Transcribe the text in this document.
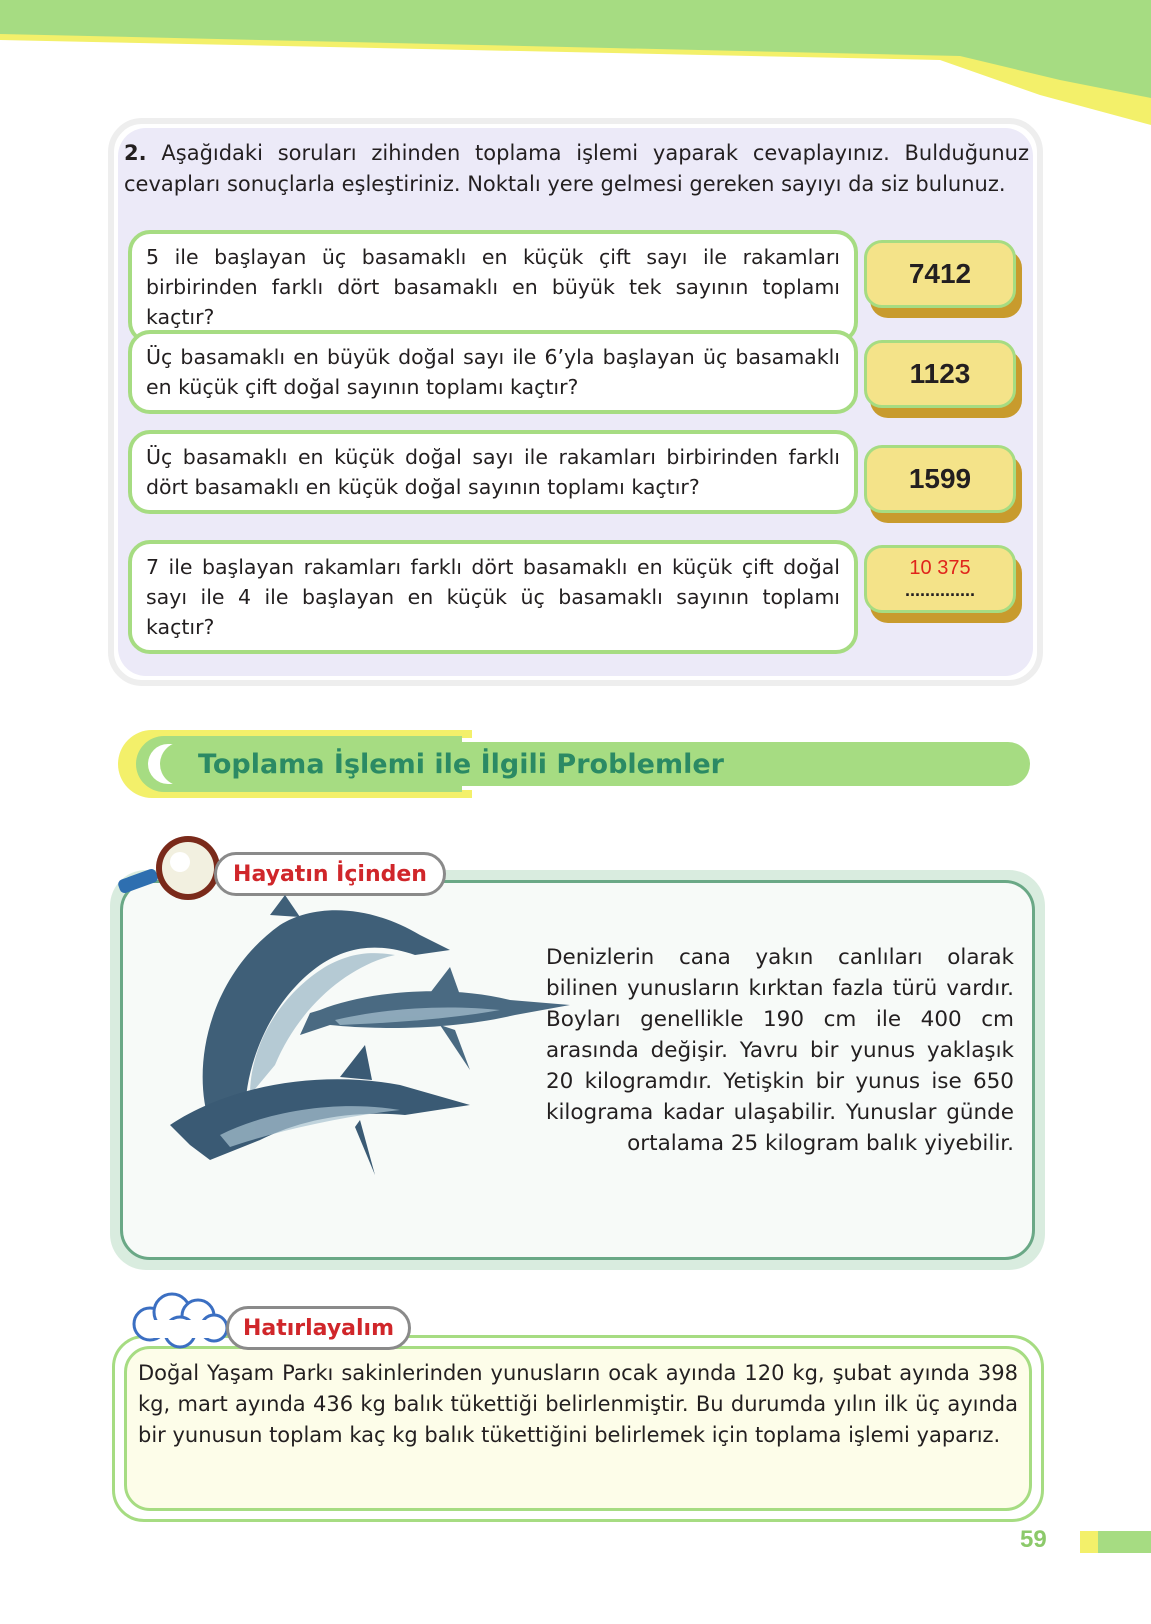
2. Aşağıdaki soruları zihinden toplama işlemi yaparak cevaplayınız. Bulduğunuz cevapları sonuçlarla eşleştiriniz. Noktalı yere gelmesi gereken sayıyı da siz bulunuz.
5 ile başlayan üç basamaklı en küçük çift sayı ile rakamları birbirinden farklı dört basamaklı en büyük tek sayının toplamı kaçtır?
Üç basamaklı en büyük doğal sayı ile 6’yla başlayan üç basamaklı en küçük çift doğal sayının toplamı kaçtır?
Üç basamaklı en küçük doğal sayı ile rakamları birbirinden farklı dört basamaklı en küçük doğal sayının toplamı kaçtır?
7 ile başlayan rakamları farklı dört basamaklı en küçük çift doğal sayı ile 4 ile başlayan en küçük üç basamaklı sayının toplamı kaçtır?
7412
1123
1599
10 375
..............
Toplama İşlemi ile İlgili Problemler
Hayatın İçinden
Denizlerin cana yakın canlıları olarak bilinen yunusların kırktan fazla türü vardır. Boyları genellikle 190 cm ile 400 cm arasında değişir. Yavru bir yunus yaklaşık 20 kilogramdır. Yetişkin bir yunus ise 650 kilograma kadar ulaşabilir. Yunuslar günde ortalama 25 kilogram balık yiyebilir.
Hatırlayalım
Doğal Yaşam Parkı sakinlerinden yunusların ocak ayında 120 kg, şubat ayında 398 kg, mart ayında 436 kg balık tükettiği belirlenmiştir. Bu durumda yılın ilk üç ayında bir yunusun toplam kaç kg balık tükettiğini belirlemek için toplama işlemi yaparız.
59
